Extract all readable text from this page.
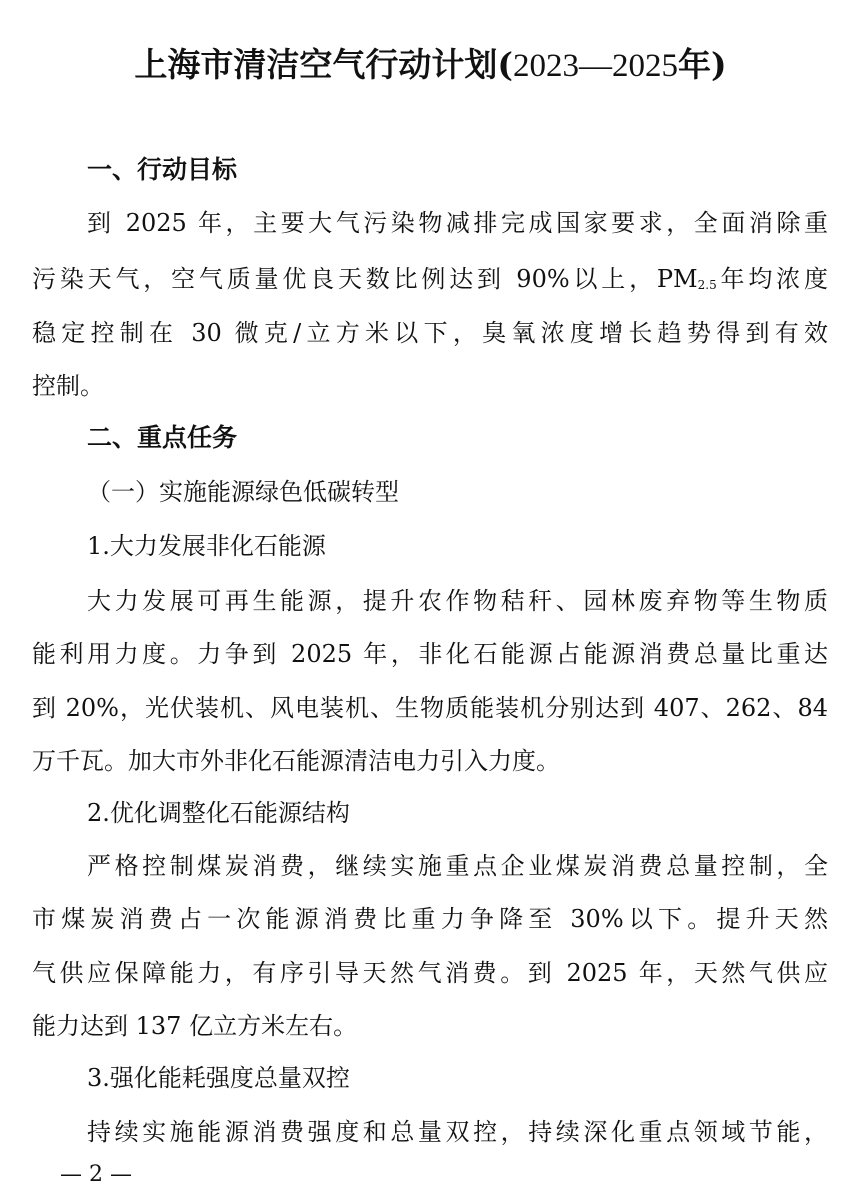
上海市清洁空气行动计划(2023—2025年)
一、行动目标
到 2025 年，主要大气污染物减排完成国家要求，全面消除重
污染天气，空气质量优良天数比例达到 90%以上，$PM_{2.5}$年均浓度
稳定控制在 30 微克/立方米以下，臭氧浓度增长趋势得到有效
控制。
二、重点任务
（一）实施能源绿色低碳转型
1.大力发展非化石能源
大力发展可再生能源，提升农作物秸秆、园林废弃物等生物质
能利用力度。力争到 2025 年，非化石能源占能源消费总量比重达
到 20%，光伏装机、风电装机、生物质能装机分别达到 407、262、84
万千瓦。加大市外非化石能源清洁电力引入力度。
2.优化调整化石能源结构
严格控制煤炭消费，继续实施重点企业煤炭消费总量控制，全
市煤炭消费占一次能源消费比重力争降至 30%以下。提升天然
气供应保障能力，有序引导天然气消费。到 2025 年，天然气供应
能力达到 137 亿立方米左右。
3.强化能耗强度总量双控
持续实施能源消费强度和总量双控，持续深化重点领域节能，
— 2 —
